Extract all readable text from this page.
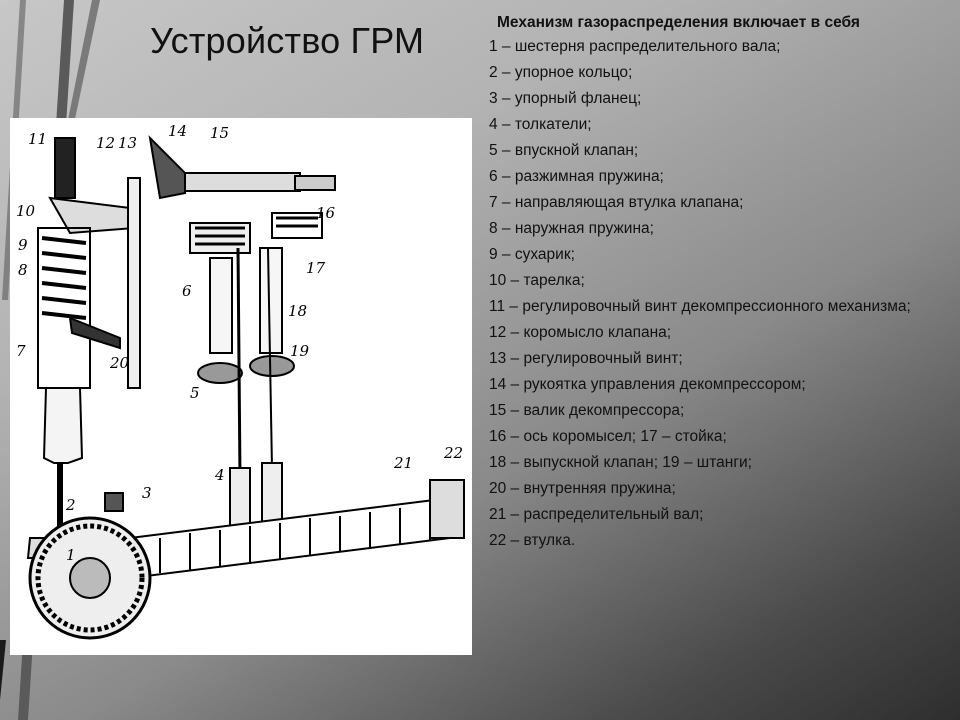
Устройство ГРМ
1
2
3
4
5
6
7
8
9
10
11	12 13
14 15
16
17
18
19
20
21
22

Механизм газораспределения включает в себя

1 – шестерня распределительного вала;
2 – упорное кольцо;
3 – упорный фланец;
4 – толкатели;
5 – впускной клапан;
6 – разжимная пружина;
7 – направляющая втулка клапана;
8 – наружная пружина;
9 – сухарик;
10 – тарелка;
11 – регулировочный винт декомпрессионного механизма;
12 – коромысло клапана;
13 – регулировочный винт;
14 – рукоятка управления декомпрессором;
15 – валик декомпрессора;
16 – ось коромысел; 17 – стойка;
18 – выпускной клапан; 19 – штанги;
20 – внутренняя пружина;
21 – распределительный вал;
22 – втулка.
